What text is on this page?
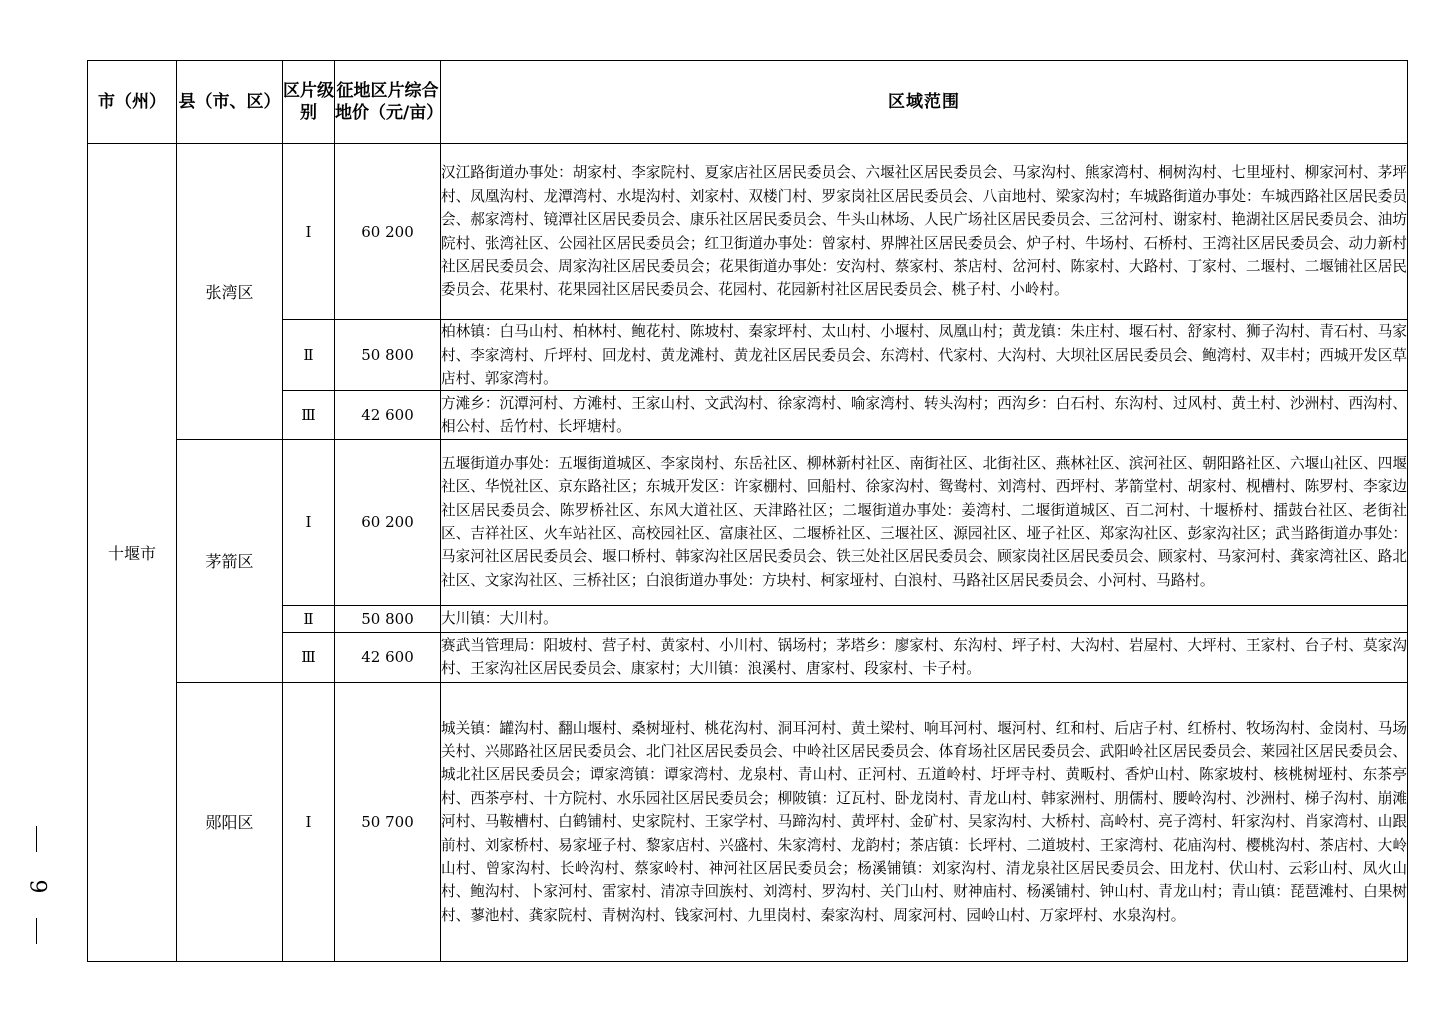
9
市（州）	县（市、区）	区片级别	征地区片综合地价（元/亩）	区域范围
十堰市	张湾区	Ⅰ	60 200	汉江路街道办事处：胡家村、李家院村、夏家店社区居民委员会、六堰社区居民委员会、马家沟村、熊家湾村、桐树沟村、七里垭村、柳家河村、茅坪村、凤凰沟村、龙潭湾村、水堤沟村、刘家村、双楼门村、罗家岗社区居民委员会、八亩地村、梁家沟村；车城路街道办事处：车城西路社区居民委员会、郝家湾村、镜潭社区居民委员会、康乐社区居民委员会、牛头山林场、人民广场社区居民委员会、三岔河村、谢家村、艳湖社区居民委员会、油坊院村、张湾社区、公园社区居民委员会；红卫街道办事处：曾家村、界牌社区居民委员会、炉子村、牛场村、石桥村、王湾社区居民委员会、动力新村社区居民委员会、周家沟社区居民委员会；花果街道办事处：安沟村、蔡家村、茶店村、岔河村、陈家村、大路村、丁家村、二堰村、二堰铺社区居民委员会、花果村、花果园社区居民委员会、花园村、花园新村社区居民委员会、桃子村、小岭村。
		Ⅱ	50 800	柏林镇：白马山村、柏林村、鲍花村、陈坡村、秦家坪村、太山村、小堰村、凤凰山村；黄龙镇：朱庄村、堰石村、舒家村、狮子沟村、青石村、马家村、李家湾村、斤坪村、回龙村、黄龙滩村、黄龙社区居民委员会、东湾村、代家村、大沟村、大坝社区居民委员会、鲍湾村、双丰村；西城开发区草店村、郭家湾村。
		Ⅲ	42 600	方滩乡：沉潭河村、方滩村、王家山村、文武沟村、徐家湾村、喻家湾村、转头沟村；西沟乡：白石村、东沟村、过风村、黄土村、沙洲村、西沟村、相公村、岳竹村、长坪塘村。
	茅箭区	Ⅰ	60 200	五堰街道办事处：五堰街道城区、李家岗村、东岳社区、柳林新村社区、南街社区、北街社区、燕林社区、滨河社区、朝阳路社区、六堰山社区、四堰社区、华悦社区、京东路社区；东城开发区：许家棚村、回船村、徐家沟村、鸳鸯村、刘湾村、西坪村、茅箭堂村、胡家村、枧槽村、陈罗村、李家边社区居民委员会、陈罗桥社区、东风大道社区、天津路社区；二堰街道办事处：姜湾村、二堰街道城区、百二河村、十堰桥村、擂鼓台社区、老街社区、吉祥社区、火车站社区、高校园社区、富康社区、二堰桥社区、三堰社区、源园社区、垭子社区、郑家沟社区、彭家沟社区；武当路街道办事处：马家河社区居民委员会、堰口桥村、韩家沟社区居民委员会、铁三处社区居民委员会、顾家岗社区居民委员会、顾家村、马家河村、龚家湾社区、路北社区、文家沟社区、三桥社区；白浪街道办事处：方块村、柯家垭村、白浪村、马路社区居民委员会、小河村、马路村。
		Ⅱ	50 800	大川镇：大川村。
		Ⅲ	42 600	赛武当管理局：阳坡村、营子村、黄家村、小川村、锅场村；茅塔乡：廖家村、东沟村、坪子村、大沟村、岩屋村、大坪村、王家村、台子村、莫家沟村、王家沟社区居民委员会、康家村；大川镇：浪溪村、唐家村、段家村、卡子村。
	郧阳区	Ⅰ	50 700	城关镇：罐沟村、翻山堰村、桑树垭村、桃花沟村、洞耳河村、黄土梁村、响耳河村、堰河村、红和村、后店子村、红桥村、牧场沟村、金岗村、马场关村、兴郧路社区居民委员会、北门社区居民委员会、中岭社区居民委员会、体育场社区居民委员会、武阳岭社区居民委员会、莱园社区居民委员会、城北社区居民委员会；谭家湾镇：谭家湾村、龙泉村、青山村、正河村、五道岭村、圩坪寺村、黄畈村、香炉山村、陈家坡村、核桃树垭村、东茶亭村、西茶亭村、十方院村、水乐园社区居民委员会；柳陂镇：辽瓦村、卧龙岗村、青龙山村、韩家洲村、朋儒村、腰岭沟村、沙洲村、梯子沟村、崩滩河村、马鞍槽村、白鹤铺村、史家院村、王家学村、马蹄沟村、黄坪村、金矿村、吴家沟村、大桥村、高岭村、亮子湾村、轩家沟村、肖家湾村、山跟前村、刘家桥村、易家垭子村、黎家店村、兴盛村、朱家湾村、龙韵村；茶店镇：长坪村、二道坡村、王家湾村、花庙沟村、樱桃沟村、茶店村、大岭山村、曾家沟村、长岭沟村、蔡家岭村、神河社区居民委员会；杨溪铺镇：刘家沟村、清龙泉社区居民委员会、田龙村、伏山村、云彩山村、凤火山村、鲍沟村、卜家河村、雷家村、清凉寺回族村、刘湾村、罗沟村、关门山村、财神庙村、杨溪铺村、钟山村、青龙山村；青山镇：琵琶滩村、白果树村、蓼池村、龚家院村、青树沟村、钱家河村、九里岗村、秦家沟村、周家河村、园岭山村、万家坪村、水泉沟村。
